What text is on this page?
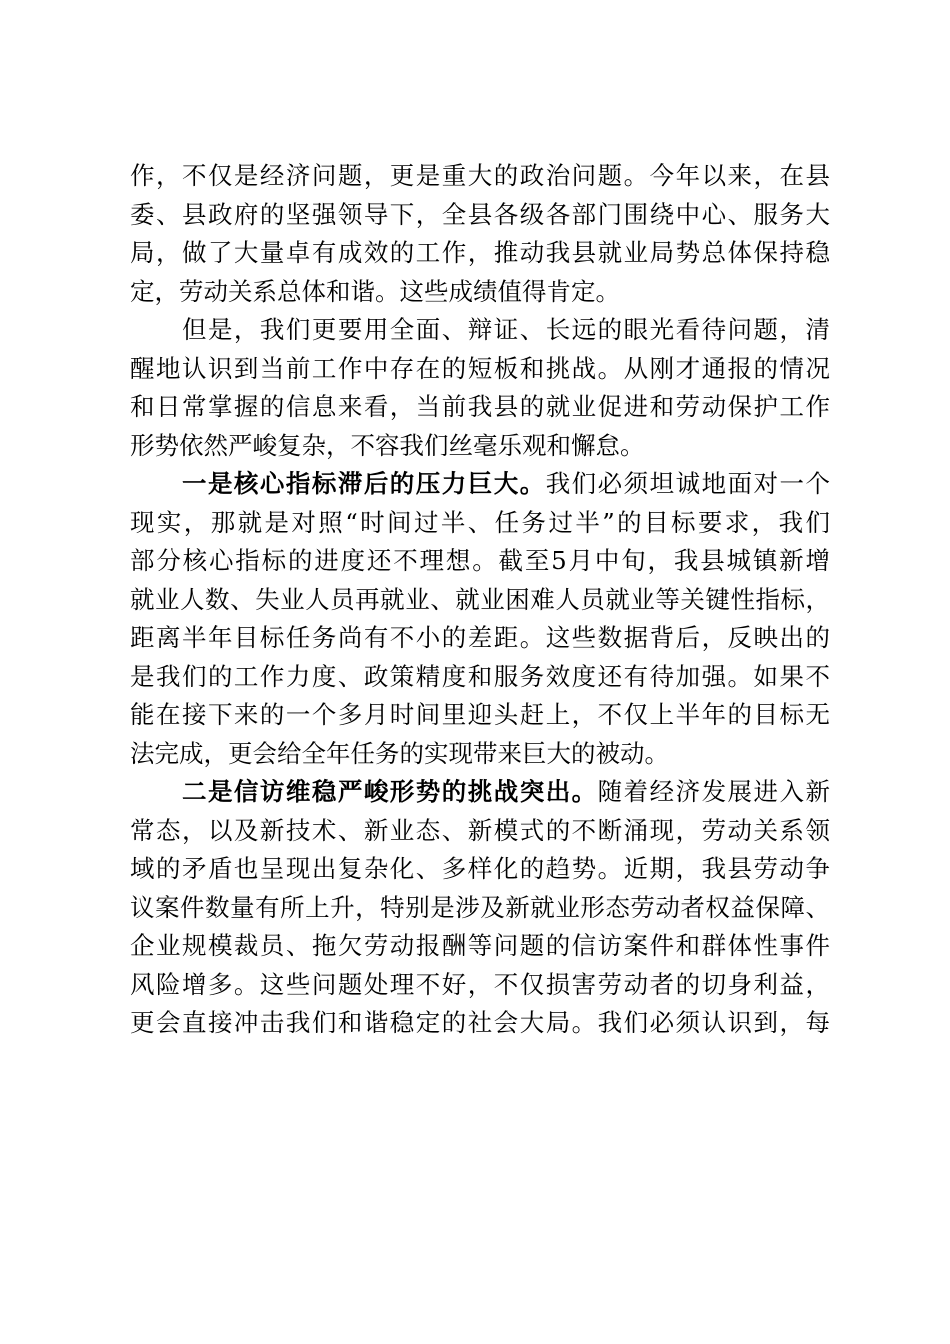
作，不仅是经济问题，更是重大的政治问题。今年以来，在县
委、县政府的坚强领导下，全县各级各部门围绕中心、服务大
局，做了大量卓有成效的工作，推动我县就业局势总体保持稳
定，劳动关系总体和谐。这些成绩值得肯定。
　　但是，我们更要用全面、辩证、长远的眼光看待问题，清
醒地认识到当前工作中存在的短板和挑战。从刚才通报的情况
和日常掌握的信息来看，当前我县的就业促进和劳动保护工作
形势依然严峻复杂，不容我们丝毫乐观和懈怠。
　　一是核心指标滞后的压力巨大。我们必须坦诚地面对一个
现实，那就是对照“时间过半、任务过半”的目标要求，我们
部分核心指标的进度还不理想。截至5月中旬，我县城镇新增
就业人数、失业人员再就业、就业困难人员就业等关键性指标，
距离半年目标任务尚有不小的差距。这些数据背后，反映出的
是我们的工作力度、政策精度和服务效度还有待加强。如果不
能在接下来的一个多月时间里迎头赶上，不仅上半年的目标无
法完成，更会给全年任务的实现带来巨大的被动。
　　二是信访维稳严峻形势的挑战突出。随着经济发展进入新
常态，以及新技术、新业态、新模式的不断涌现，劳动关系领
域的矛盾也呈现出复杂化、多样化的趋势。近期，我县劳动争
议案件数量有所上升，特别是涉及新就业形态劳动者权益保障、
企业规模裁员、拖欠劳动报酬等问题的信访案件和群体性事件
风险增多。这些问题处理不好，不仅损害劳动者的切身利益，
更会直接冲击我们和谐稳定的社会大局。我们必须认识到，每
